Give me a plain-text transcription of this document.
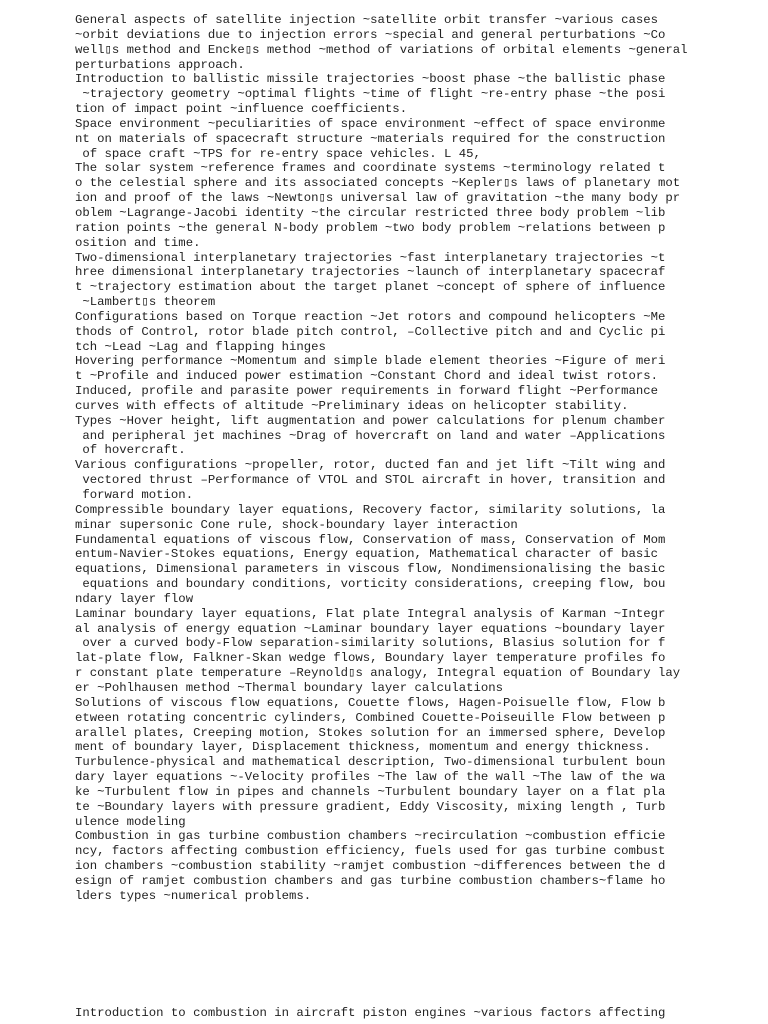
General aspects of satellite injection ~satellite orbit transfer ~various cases
~orbit deviations due to injection errors ~special and general perturbations ~Co
well▯s method and Encke▯s method ~method of variations of orbital elements ~general
perturbations approach.
Introduction to ballistic missile trajectories ~boost phase ~the ballistic phase
~trajectory geometry ~optimal flights ~time of flight ~re-entry phase ~the posi
tion of impact point ~influence coefficients.
Space environment ~peculiarities of space environment ~effect of space environme
nt on materials of spacecraft structure ~materials required for the construction
of space craft ~TPS for re-entry space vehicles. L 45,
The solar system ~reference frames and coordinate systems ~terminology related t
o the celestial sphere and its associated concepts ~Kepler▯s laws of planetary mot
ion and proof of the laws ~Newton▯s universal law of gravitation ~the many body pr
oblem ~Lagrange-Jacobi identity ~the circular restricted three body problem ~lib
ration points ~the general N-body problem ~two body problem ~relations between p
osition and time.
Two-dimensional interplanetary trajectories ~fast interplanetary trajectories ~t
hree dimensional interplanetary trajectories ~launch of interplanetary spacecraf
t ~trajectory estimation about the target planet ~concept of sphere of influence
~Lambert▯s theorem
Configurations based on Torque reaction ~Jet rotors and compound helicopters ~Me
thods of Control, rotor blade pitch control, –Collective pitch and and Cyclic pi
tch ~Lead ~Lag and flapping hinges
Hovering performance ~Momentum and simple blade element theories ~Figure of meri
t ~Profile and induced power estimation ~Constant Chord and ideal twist rotors.
Induced, profile and parasite power requirements in forward flight ~Performance
curves with effects of altitude ~Preliminary ideas on helicopter stability.
Types ~Hover height, lift augmentation and power calculations for plenum chamber
and peripheral jet machines ~Drag of hovercraft on land and water –Applications
of hovercraft.
Various configurations ~propeller, rotor, ducted fan and jet lift ~Tilt wing and
vectored thrust –Performance of VTOL and STOL aircraft in hover, transition and
forward motion.
Compressible boundary layer equations, Recovery factor, similarity solutions, la
minar supersonic Cone rule, shock-boundary layer interaction
Fundamental equations of viscous flow, Conservation of mass, Conservation of Mom
entum-Navier-Stokes equations, Energy equation, Mathematical character of basic
equations, Dimensional parameters in viscous flow, Nondimensionalising the basic
equations and boundary conditions, vorticity considerations, creeping flow, bou
ndary layer flow
Laminar boundary layer equations, Flat plate Integral analysis of Karman ~Integr
al analysis of energy equation ~Laminar boundary layer equations ~boundary layer
over a curved body-Flow separation-similarity solutions, Blasius solution for f
lat-plate flow, Falkner-Skan wedge flows, Boundary layer temperature profiles fo
r constant plate temperature –Reynold▯s analogy, Integral equation of Boundary lay
er ~Pohlhausen method ~Thermal boundary layer calculations
Solutions of viscous flow equations, Couette flows, Hagen-Poisuelle flow, Flow b
etween rotating concentric cylinders, Combined Couette-Poiseuille Flow between p
arallel plates, Creeping motion, Stokes solution for an immersed sphere, Develop
ment of boundary layer, Displacement thickness, momentum and energy thickness.
Turbulence-physical and mathematical description, Two-dimensional turbulent boun
dary layer equations ~-Velocity profiles ~The law of the wall ~The law of the wa
ke ~Turbulent flow in pipes and channels ~Turbulent boundary layer on a flat pla
te ~Boundary layers with pressure gradient, Eddy Viscosity, mixing length , Turb
ulence modeling
Combustion in gas turbine combustion chambers ~recirculation ~combustion efficie
ncy, factors affecting combustion efficiency, fuels used for gas turbine combust
ion chambers ~combustion stability ~ramjet combustion ~differences between the d
esign of ramjet combustion chambers and gas turbine combustion chambers~flame ho
lders types ~numerical problems.
Introduction to combustion in aircraft piston engines ~various factors affecting
